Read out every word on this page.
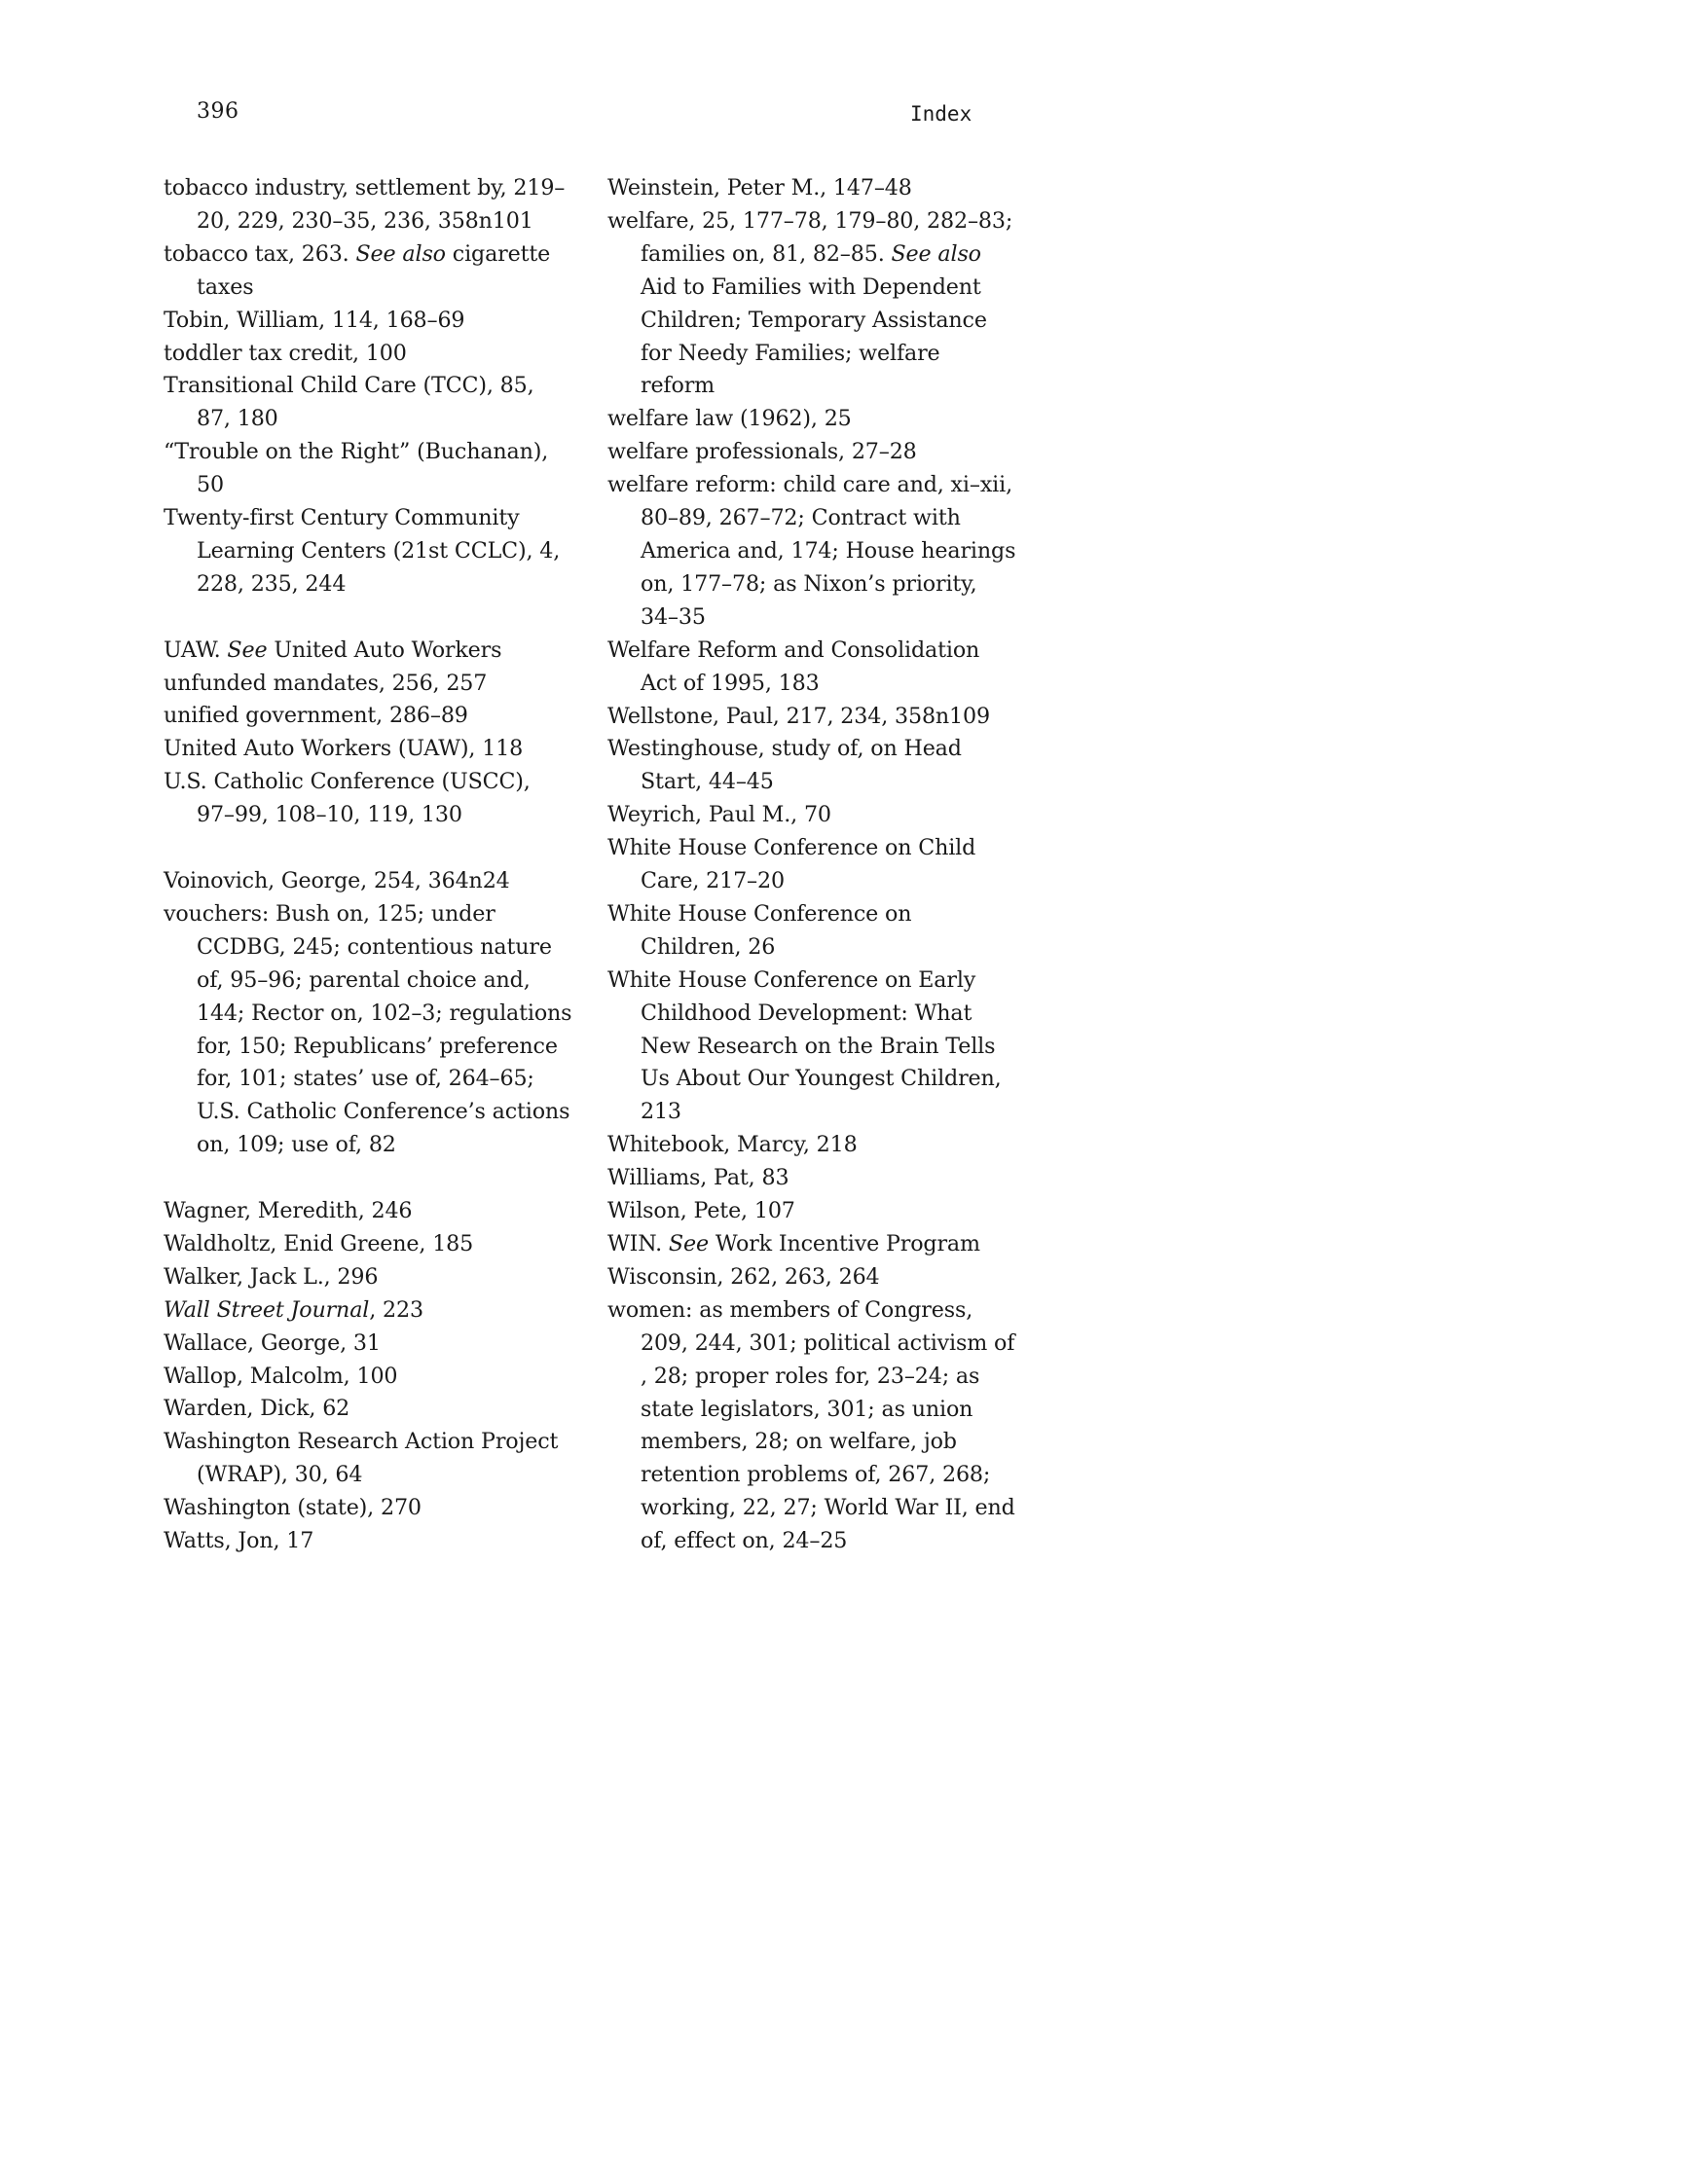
396	Index
tobacco industry, settlement by, 219–20, 229, 230–35, 236, 358n101
tobacco tax, 263. See also cigarette taxes
Tobin, William, 114, 168–69
toddler tax credit, 100
Transitional Child Care (TCC), 85, 87, 180
“Trouble on the Right” (Buchanan), 50
Twenty-first Century Community Learning Centers (21st CCLC), 4, 228, 235, 244
UAW. See United Auto Workers
unfunded mandates, 256, 257
unified government, 286–89
United Auto Workers (UAW), 118
U.S. Catholic Conference (USCC), 97–99, 108–10, 119, 130
Voinovich, George, 254, 364n24
vouchers: Bush on, 125; under CCDBG, 245; contentious nature of, 95–96; parental choice and, 144; Rector on, 102–3; regulations for, 150; Republicans’ preference for, 101; states’ use of, 264–65; U.S. Catholic Conference’s actions on, 109; use of, 82
Wagner, Meredith, 246
Waldholtz, Enid Greene, 185
Walker, Jack L., 296
Wall Street Journal, 223
Wallace, George, 31
Wallop, Malcolm, 100
Warden, Dick, 62
Washington Research Action Project (WRAP), 30, 64
Washington (state), 270
Watts, Jon, 17
Weinstein, Peter M., 147–48
welfare, 25, 177–78, 179–80, 282–83; families on, 81, 82–85. See also Aid to Families with Dependent Children; Temporary Assistance for Needy Families; welfare reform
welfare law (1962), 25
welfare professionals, 27–28
welfare reform: child care and, xi–xii, 80–89, 267–72; Contract with America and, 174; House hearings on, 177–78; as Nixon’s priority, 34–35
Welfare Reform and Consolidation Act of 1995, 183
Wellstone, Paul, 217, 234, 358n109
Westinghouse, study of, on Head Start, 44–45
Weyrich, Paul M., 70
White House Conference on Child Care, 217–20
White House Conference on Children, 26
White House Conference on Early Childhood Development: What New Research on the Brain Tells Us About Our Youngest Children, 213
Whitebook, Marcy, 218
Williams, Pat, 83
Wilson, Pete, 107
WIN. See Work Incentive Program
Wisconsin, 262, 263, 264
women: as members of Congress, 209, 244, 301; political activism of , 28; proper roles for, 23–24; as state legislators, 301; as union members, 28; on welfare, job retention problems of, 267, 268; working, 22, 27; World War II, end of, effect on, 24–25
